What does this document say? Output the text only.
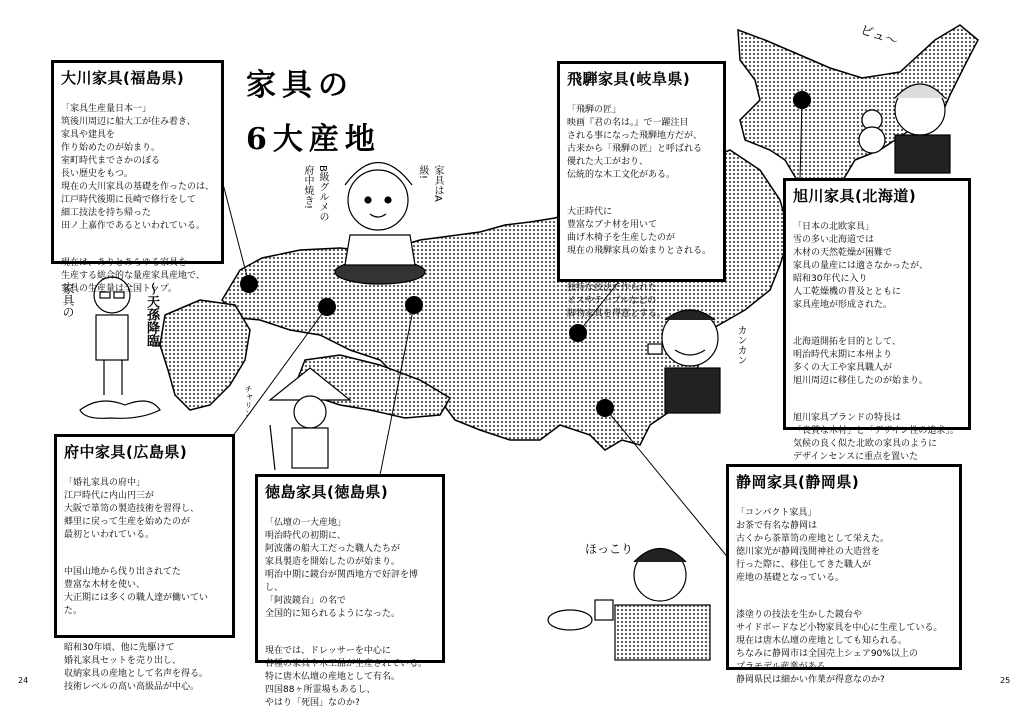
家具の
6大産地
B級グルメの府中焼き!	家具はA級!
家具の	〜天孫降臨
チャリン
ビュ〜
カンカン
ほっこり
大川家具(福島県)

「家具生産量日本一」
筑後川周辺に船大工が住み着き、
家具や建具を
作り始めたのが始まり。
室町時代までさかのぼる
長い歴史をもつ。
現在の大川家具の基礎を作ったのは、
江戸時代後期に長崎で修行をして
細工技法を持ち帰った
田ノ上嘉作であるといわれている。

現在は、ありとあらゆる家具を
生産する総合的な量産家具産地で、
家具の生産量は全国トップ。

飛騨家具(岐阜県)

「飛騨の匠」
映画『君の名は。』で一躍注目
される事になった飛騨地方だが、
古来から「飛騨の匠」と呼ばれる
優れた大工がおり、
伝統的な木工文化がある。

大正時代に
豊富なブナ材を用いて
曲げ木椅子を生産したのが
現在の飛騨家具の始まりとされる。

独特な技法で作られた
イスやテーブルなどの
脚物家具を得意とする。

旭川家具(北海道)

「日本の北欧家具」
雪の多い北海道では
木材の天然乾燥が困難で
家具の量産には適さなかったが、
昭和30年代に入り
人工乾燥機の普及とともに
家具産地が形成された。

北海道開拓を目的として、
明治時代末期に本州より
多くの大工や家具職人が
旭川周辺に移住したのが始まり。

旭川家具ブランドの特長は
「良質な木材」と「デザイン性の追求」。
気候の良く似た北欧の家具のように
デザインセンスに重点を置いた

府中家具(広島県)

「婚礼家具の府中」
江戸時代に内山円三が
大阪で箪笥の製造技術を習得し、
郷里に戻って生産を始めたのが
最初といわれている。

中国山地から伐り出されてた
豊富な木材を使い、
大正期には多くの職人達が働いていた。

昭和30年頃、他に先駆けて
婚礼家具セットを売り出し、
収納家具の産地として名声を得る。
技術レベルの高い高級品が中心。

徳島家具(徳島県)

「仏壇の一大産地」
明治時代の初期に、
阿波藩の船大工だった職人たちが
家具製造を開始したのが始まり。
明治中期に鏡台が関西地方で好評を博し、
「阿波鏡台」の名で
全国的に知られるようになった。

現在では、ドレッサーを中心に
各種の家具や木工品が生産されている。
特に唐木仏壇の産地として有名。
四国88ヶ所霊場もあるし、
やはり「死国」なのか?

静岡家具(静岡県)

「コンパクト家具」
お茶で有名な静岡は
古くから茶箪笥の産地として栄えた。
徳川家光が静岡浅間神社の大造営を
行った際に、移住してきた職人が
産地の基礎となっている。

漆塗りの技法を生かした鏡台や
サイドボードなど小物家具を中心に生産している。
現在は唐木仏壇の産地としても知られる。
ちなみに静岡市は全国売上シェア90%以上の
プラモデル産業がある。
静岡県民は細かい作業が得意なのか?

24	25
